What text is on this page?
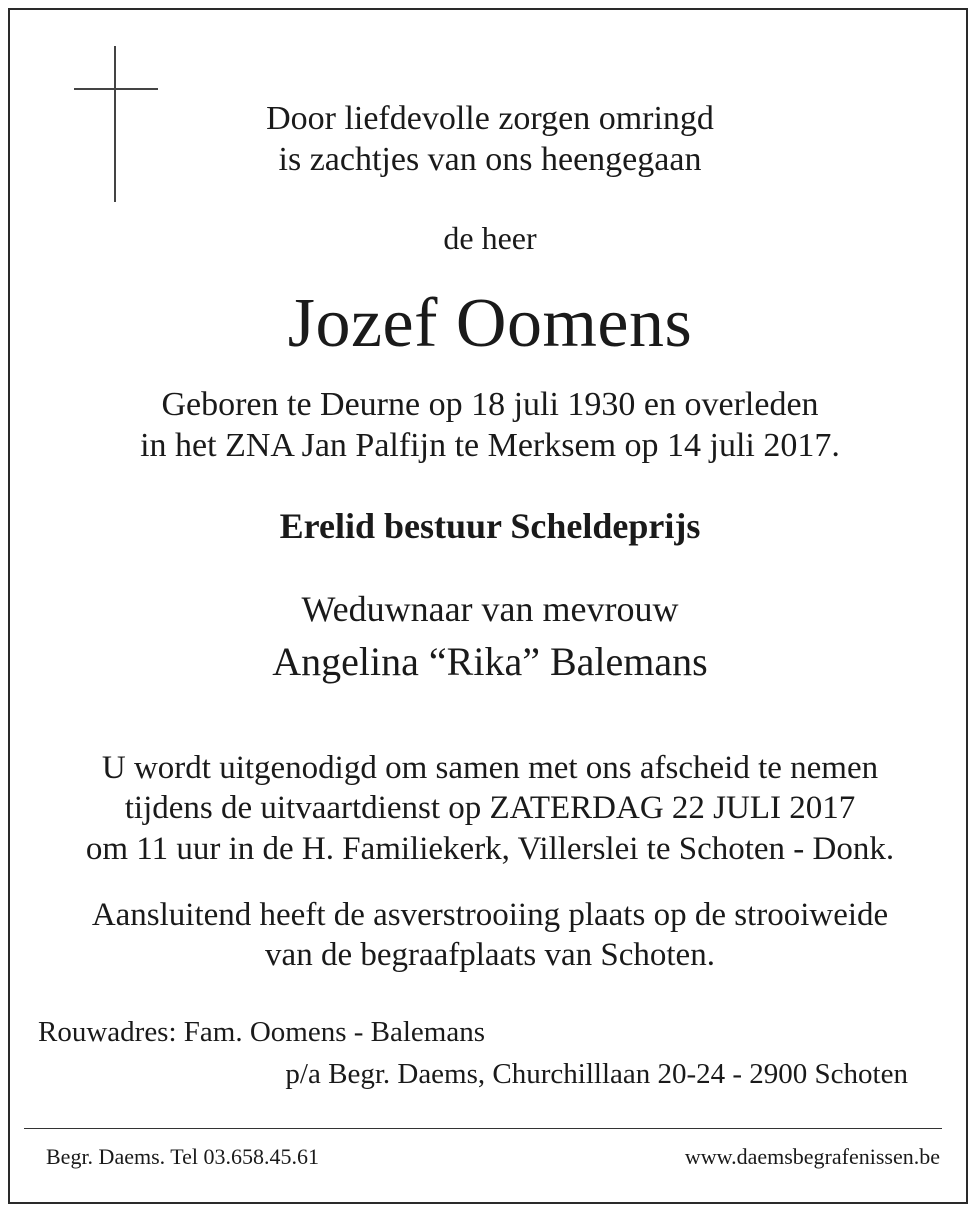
Door liefdevolle zorgen omringd
is zachtjes van ons heengegaan
de heer
Jozef Oomens
Geboren te Deurne op 18 juli 1930 en overleden
in het ZNA Jan Palfijn te Merksem op 14 juli 2017.
Erelid bestuur Scheldeprijs
Weduwnaar van mevrouw
Angelina “Rika” Balemans
U wordt uitgenodigd om samen met ons afscheid te nemen
tijdens de uitvaartdienst op ZATERDAG 22 JULI 2017
om 11 uur in de H. Familiekerk, Villerslei te Schoten - Donk.
Aansluitend heeft de asverstrooiing plaats op de strooiweide
van de begraafplaats van Schoten.
Rouwadres: Fam. Oomens - Balemans
p/a Begr. Daems, Churchilllaan 20-24 - 2900 Schoten
Begr. Daems. Tel 03.658.45.61	www.daemsbegrafenissen.be
